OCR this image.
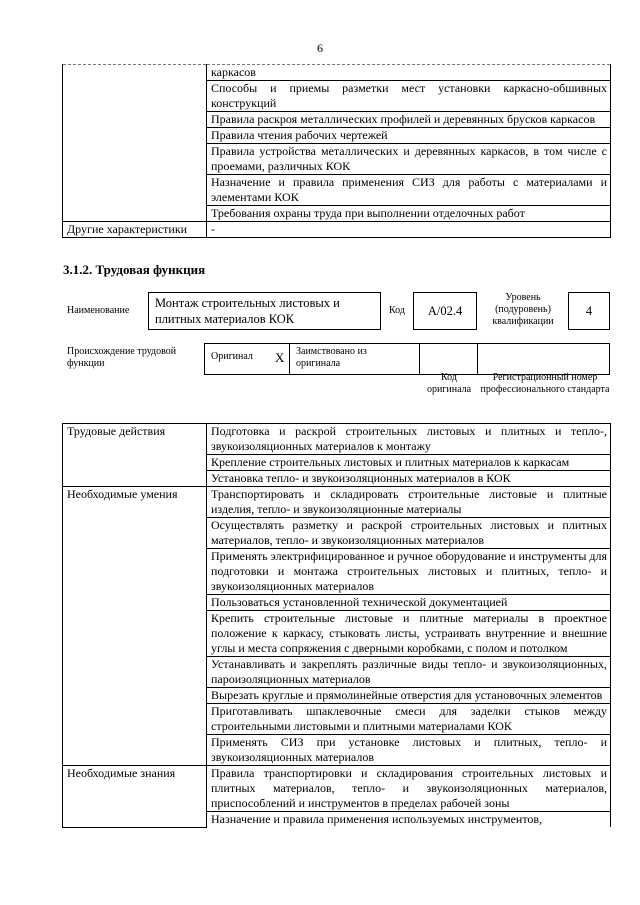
6
	каркасов
	Способы и приемы разметки мест установки каркасно-обшивных конструкций
	Правила раскроя металлических профилей и деревянных брусков каркасов
	Правила чтения рабочих чертежей
	Правила устройства металлических и деревянных каркасов, в том числе с проемами, различных КОК
	Назначение и правила применения СИЗ для работы с материалами и элементами КОК
	Требования охраны труда при выполнении отделочных работ
Другие характеристики	-
3.1.2. Трудовая функция
Наименование
Монтаж строительных листовых и плитных материалов КОК
Код	А/02.4
Уровень (подуровень) квалификации
4
Происхождение трудовой функции
Оригинал X Заимствовано из оригинала
Код оригинала
Регистрационный номер профессионального стандарта
Трудовые действия	Подготовка и раскрой строительных листовых и плитных и тепло-, звукоизоляционных материалов к монтажу
	Крепление строительных листовых и плитных материалов к каркасам
	Установка тепло- и звукоизоляционных материалов в КОК
Необходимые умения	Транспортировать и складировать строительные листовые и плитные изделия, тепло- и звукоизоляционные материалы
	Осуществлять разметку и раскрой строительных листовых и плитных материалов, тепло- и звукоизоляционных материалов
	Применять электрифицированное и ручное оборудование и инструменты для подготовки и монтажа строительных листовых и плитных, тепло- и звукоизоляционных материалов
	Пользоваться установленной технической документацией
	Крепить строительные листовые и плитные материалы в проектное положение к каркасу, стыковать листы, устраивать внутренние и внешние углы и места сопряжения с дверными коробками, с полом и потолком
	Устанавливать и закреплять различные виды тепло- и звукоизоляционных, пароизоляционных материалов
	Вырезать круглые и прямолинейные отверстия для установочных элементов
	Приготавливать шпаклевочные смеси для заделки стыков между строительными листовыми и плитными материалами КОК
	Применять СИЗ при установке листовых и плитных, тепло- и звукоизоляционных материалов
Необходимые знания	Правила транспортировки и складирования строительных листовых и плитных материалов, тепло- и звукоизоляционных материалов, приспособлений и инструментов в пределах рабочей зоны
	Назначение и правила применения используемых инструментов,
